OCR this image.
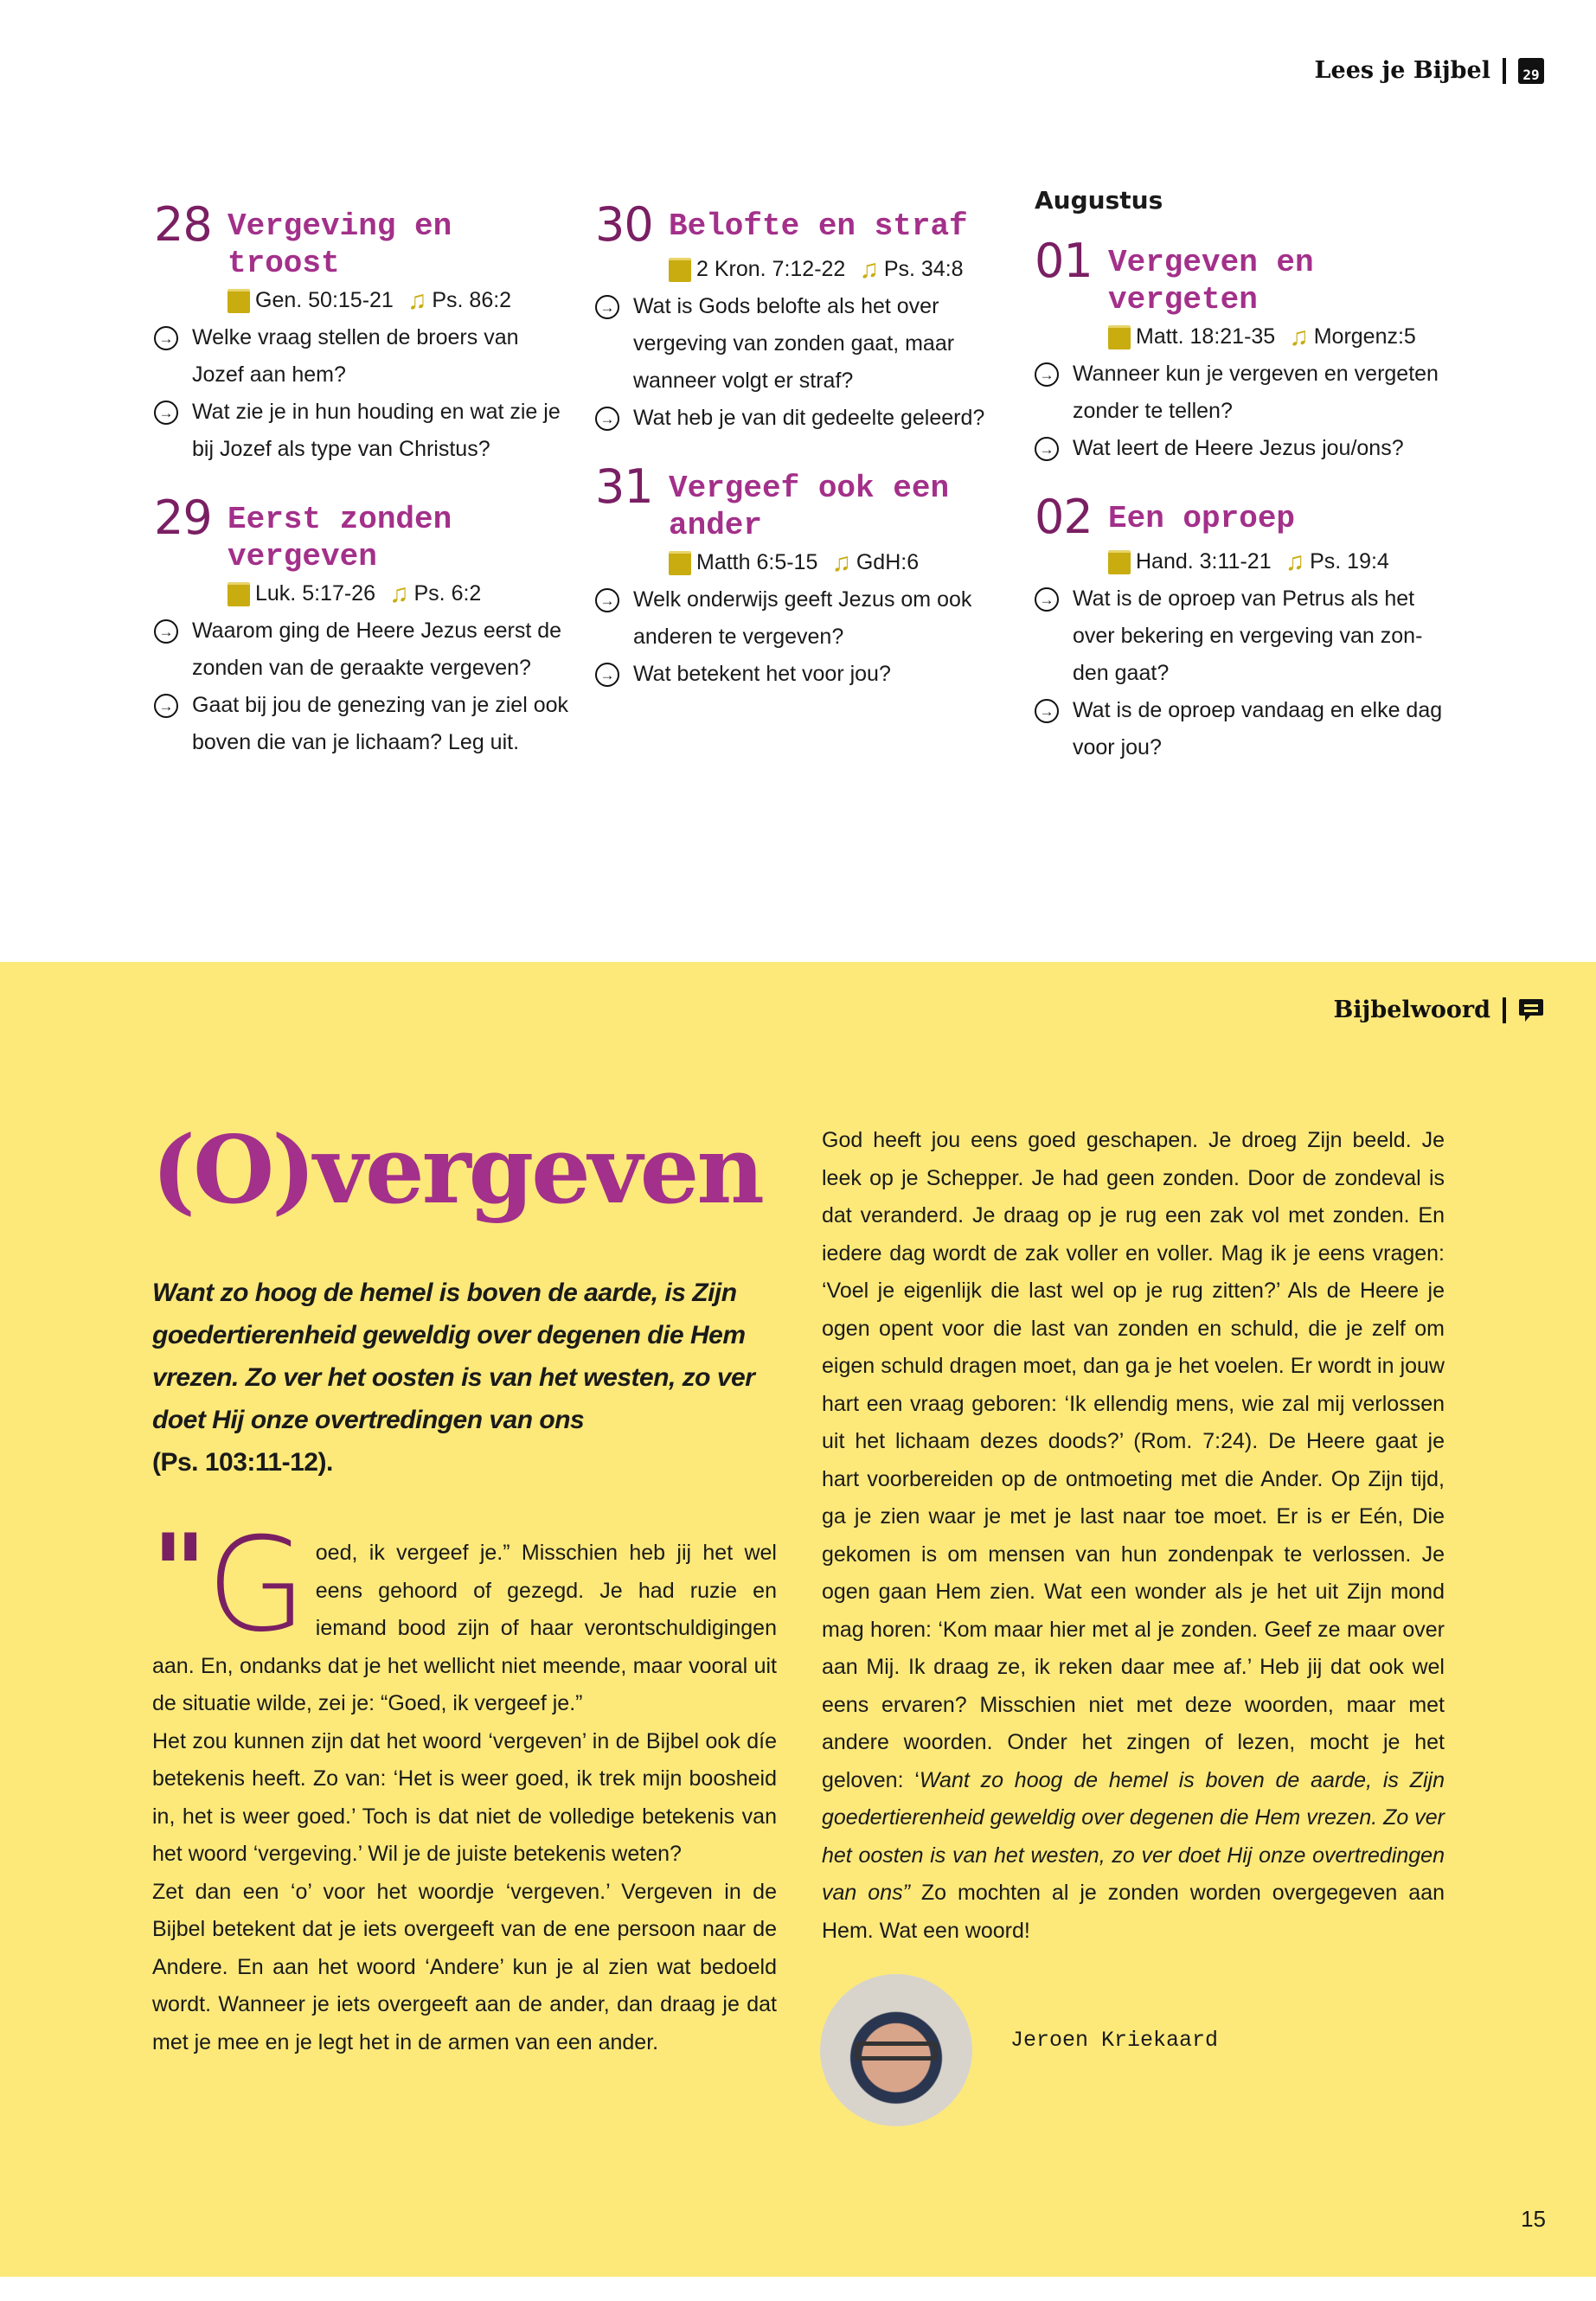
Lees je Bijbel	29
28 Vergeving en troost
Gen. 50:15-21 ♫ Ps. 86:2
→ Welke vraag stellen de broers van Jozef aan hem?
→ Wat zie je in hun houding en wat zie je bij Jozef als type van Christus?
29 Eerst zonden vergeven
Luk. 5:17-26 ♫ Ps. 6:2
→ Waarom ging de Heere Jezus eerst de zonden van de geraakte vergeven?
→ Gaat bij jou de genezing van je ziel ook boven die van je lichaam? Leg uit.
30 Belofte en straf
2 Kron. 7:12-22 ♫ Ps. 34:8
→ Wat is Gods belofte als het over vergeving van zonden gaat, maar wanneer volgt er straf?
→ Wat heb je van dit gedeelte geleerd?
31 Vergeef ook een ander
Matth 6:5-15 ♫ GdH:6
→ Welk onderwijs geeft Jezus om ook anderen te vergeven?
→ Wat betekent het voor jou?
Augustus
01 Vergeven en vergeten
Matt. 18:21-35 ♫ Morgenz:5
→ Wanneer kun je vergeven en vergeten zonder te tellen?
→ Wat leert de Heere Jezus jou/ons?
02 Een oproep
Hand. 3:11-21 ♫ Ps. 19:4
→ Wat is de oproep van Petrus als het over bekering en vergeving van zonden gaat?
→ Wat is de oproep vandaag en elke dag voor jou?
Bijbelwoord
(O)vergeven
Want zo hoog de hemel is boven de aarde, is Zijn goedertierenheid geweldig over degenen die Hem vrezen. Zo ver het oosten is van het westen, zo ver doet Hij onze overtredingen van ons
(Ps. 103:11-12).
" G oed, ik vergeef je.” Misschien heb jij het wel eens gehoord of gezegd. Je had ruzie en iemand bood zijn of haar verontschuldigingen aan. En, ondanks dat je het wellicht niet meende, maar vooral uit de situatie wilde, zei je: “Goed, ik vergeef je.”

Het zou kunnen zijn dat het woord ‘vergeven’ in de Bijbel ook díe betekenis heeft. Zo van: ‘Het is weer goed, ik trek mijn boosheid in, het is weer goed.’ Toch is dat niet de volledige betekenis van het woord ‘vergeving.’ Wil je de juiste betekenis weten?

Zet dan een ‘o’ voor het woordje ‘vergeven.’ Vergeven in de Bijbel betekent dat je iets overgeeft van de ene persoon naar de Andere. En aan het woord ‘Andere’ kun je al zien wat bedoeld wordt. Wanneer je iets overgeeft aan de ander, dan draag je dat met je mee en je legt het in de armen van een ander.

God heeft jou eens goed geschapen. Je droeg Zijn beeld. Je leek op je Schepper. Je had geen zonden. Door de zondeval is dat veranderd. Je draag op je rug een zak vol met zonden. En iedere dag wordt de zak voller en voller. Mag ik je eens vragen: ‘Voel je eigenlijk die last wel op je rug zitten?’ Als de Heere je ogen opent voor die last van zonden en schuld, die je zelf om eigen schuld dragen moet, dan ga je het voelen. Er wordt in jouw hart een vraag geboren: ‘Ik ellendig mens, wie zal mij verlossen uit het lichaam dezes doods?’ (Rom. 7:24). De Heere gaat je hart voorbereiden op de ontmoeting met die Ander. Op Zijn tijd, ga je zien waar je met je last naar toe moet. Er is er Eén, Die gekomen is om mensen van hun zondenpak te verlossen. Je ogen gaan Hem zien. Wat een wonder als je het uit Zijn mond mag horen: ‘Kom maar hier met al je zonden. Geef ze maar over aan Mij. Ik draag ze, ik reken daar mee af.’ Heb jij dat ook wel eens ervaren? Misschien niet met deze woorden, maar met andere woorden. Onder het zingen of lezen, mocht je het geloven: ‘Want zo hoog de hemel is boven de aarde, is Zijn goedertierenheid geweldig over degenen die Hem vrezen. Zo ver het oosten is van het westen, zo ver doet Hij onze overtredingen van ons” Zo mochten al je zonden worden overgegeven aan Hem. Wat een woord!

Jeroen Kriekaard
15
